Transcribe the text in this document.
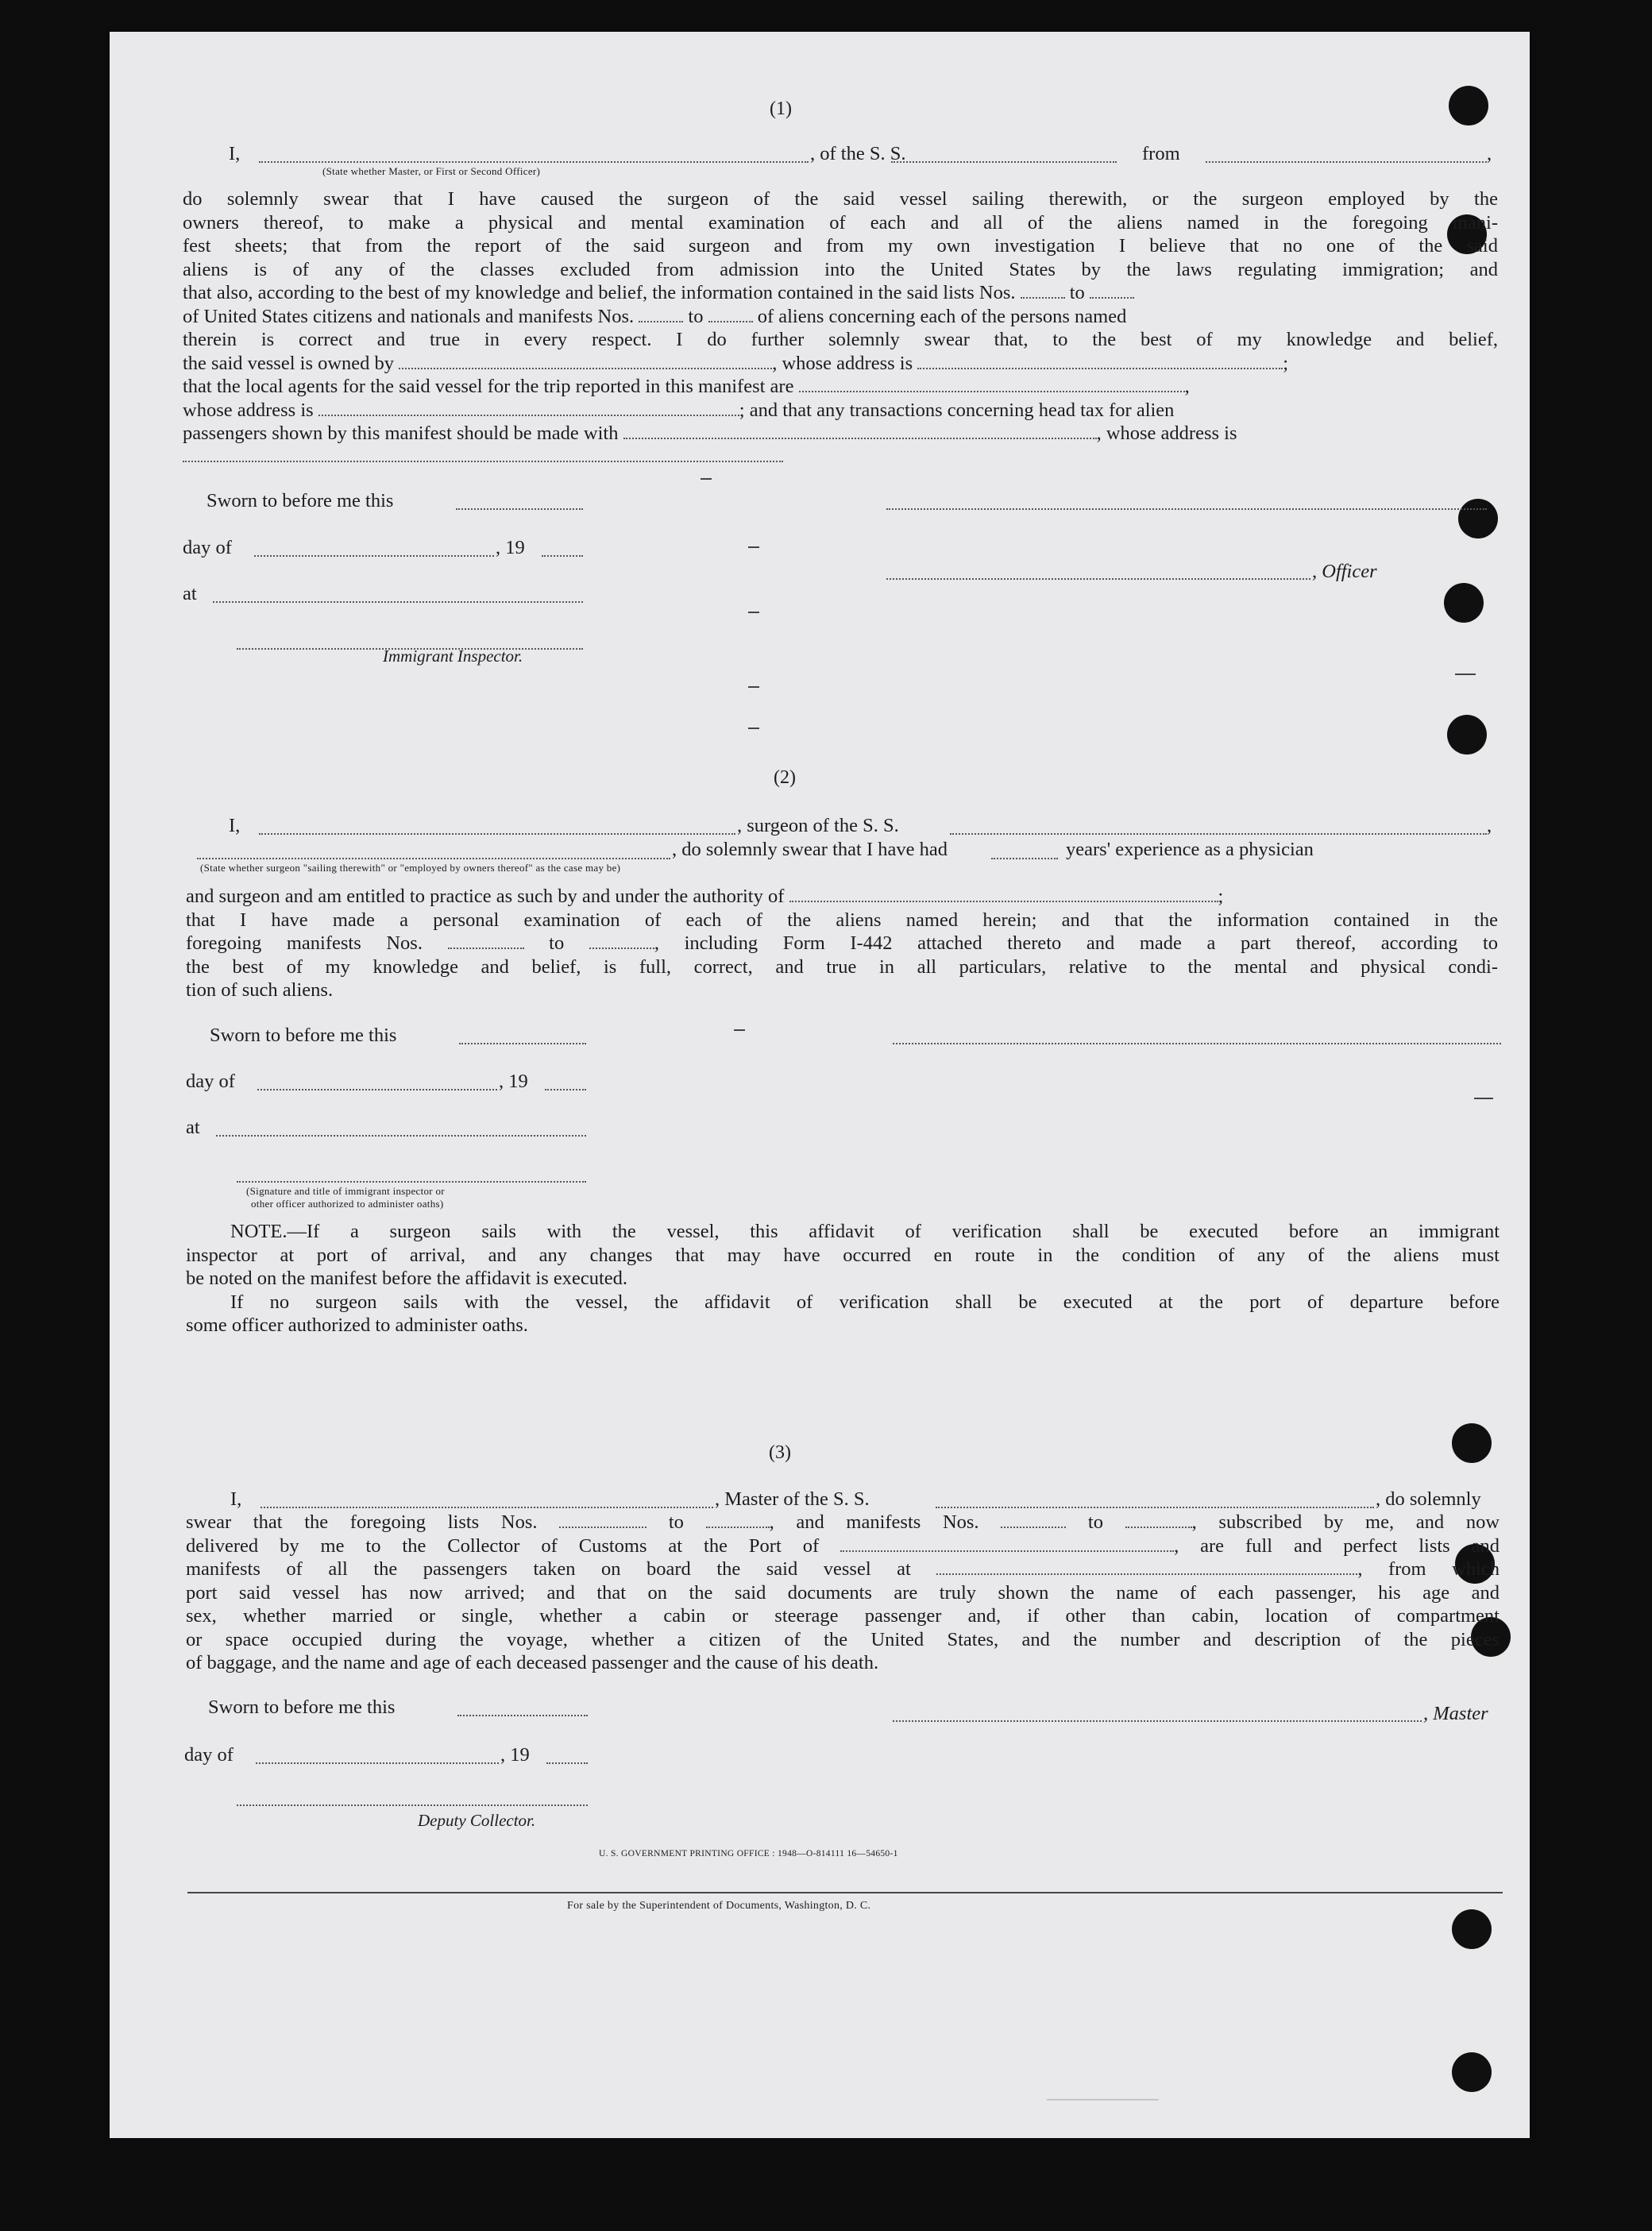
—————————
(1)
I,	, of the S. S.	from	,
(State whether Master, or First or Second Officer)
do solemnly swear that I have caused the surgeon of the said vessel sailing therewith, or the surgeon employed by the
owners thereof, to make a physical and mental examination of each and all of the aliens named in the foregoing mani-
fest sheets; that from the report of the said surgeon and from my own investigation I believe that no one of the said
aliens is of any of the classes excluded from admission into the United States by the laws regulating immigration; and
that also, according to the best of my knowledge and belief, the information contained in the said lists Nos.	to
of United States citizens and nationals and manifests Nos.	to	of aliens concerning each of the persons named
therein is correct and true in every respect. I do further solemnly swear that, to the best of my knowledge and belief,
the said vessel is owned by	, whose address is	;
that the local agents for the said vessel for the trip reported in this manifest are	,
whose address is	; and that any transactions concerning head tax for alien
passengers shown by this manifest should be made with	, whose address is
Sworn to before me this
day of	, 19
at
, Officer
Immigrant Inspector.
(2)
I,	, surgeon of the S. S.	,
, do solemnly swear that I have had	years' experience as a physician
(State whether surgeon "sailing therewith" or "employed by owners thereof" as the case may be)
and surgeon and am entitled to practice as such by and under the authority of	;
that I have made a personal examination of each of the aliens named herein; and that the information contained in the
foregoing manifests Nos.	to	, including Form I-442 attached thereto and made a part thereof, according to
the best of my knowledge and belief, is full, correct, and true in all particulars, relative to the mental and physical condi-
tion of such aliens.
Sworn to before me this
day of	, 19
at
(Signature and title of immigrant inspector or
other officer authorized to administer oaths)
NOTE.—If a surgeon sails with the vessel, this affidavit of verification shall be executed before an immigrant
inspector at port of arrival, and any changes that may have occurred en route in the condition of any of the aliens must
be noted on the manifest before the affidavit is executed.
If no surgeon sails with the vessel, the affidavit of verification shall be executed at the port of departure before
some officer authorized to administer oaths.
(3)
I,	, Master of the S. S.	, do solemnly
swear that the foregoing lists Nos.	to	, and manifests Nos.	to	, subscribed by me, and now
delivered by me to the Collector of Customs at the Port of	, are full and perfect lists and
manifests of all the passengers taken on board the said vessel at	, from which
port said vessel has now arrived; and that on the said documents are truly shown the name of each passenger, his age and
sex, whether married or single, whether a cabin or steerage passenger and, if other than cabin, location of compartment
or space occupied during the voyage, whether a citizen of the United States, and the number and description of the pieces
of baggage, and the name and age of each deceased passenger and the cause of his death.
Sworn to before me this	, Master
day of	, 19
Deputy Collector.
U. S. GOVERNMENT PRINTING OFFICE : 1948—O-814111 16—54650-1
For sale by the Superintendent of Documents, Washington, D. C.
